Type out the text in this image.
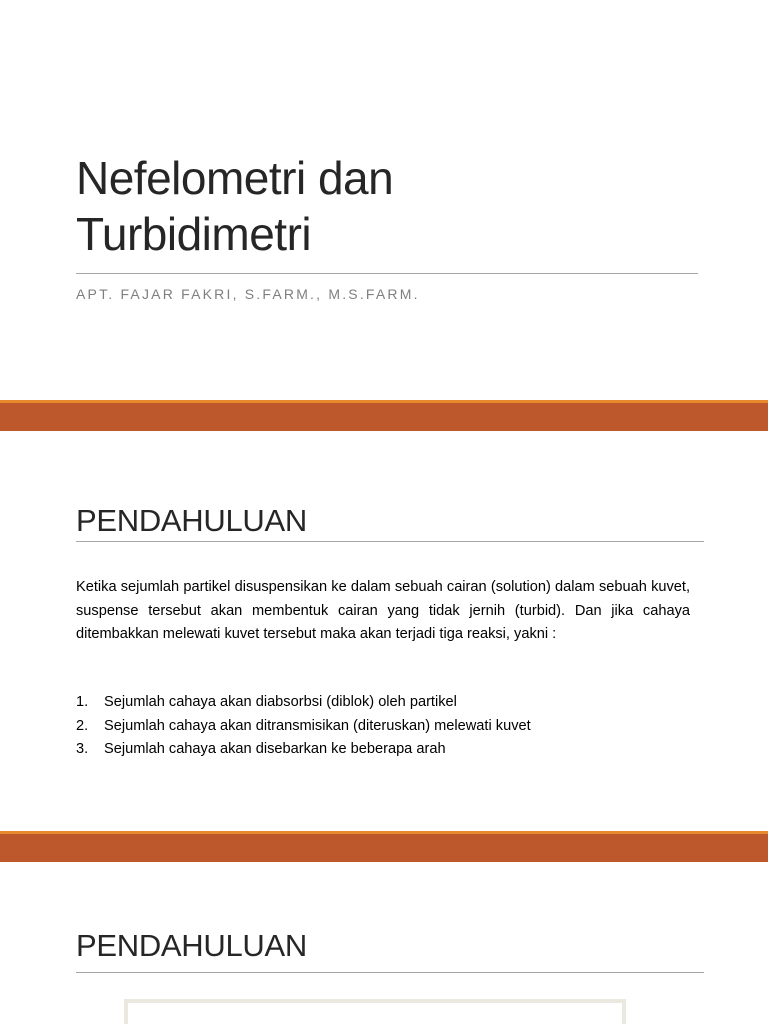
Nefelometri dan
Turbidimetri
APT. FAJAR FAKRI, S.FARM., M.S.FARM.
PENDAHULUAN

Ketika sejumlah partikel disuspensikan ke dalam sebuah cairan (solution) dalam sebuah kuvet, suspense tersebut akan membentuk cairan yang tidak jernih (turbid). Dan jika cahaya ditembakkan melewati kuvet tersebut maka akan terjadi tiga reaksi, yakni :

1.	Sejumlah cahaya akan diabsorbsi (diblok) oleh partikel
2.	Sejumlah cahaya akan ditransmisikan (diteruskan) melewati kuvet
3.	Sejumlah cahaya akan disebarkan ke beberapa arah
PENDAHULUAN
